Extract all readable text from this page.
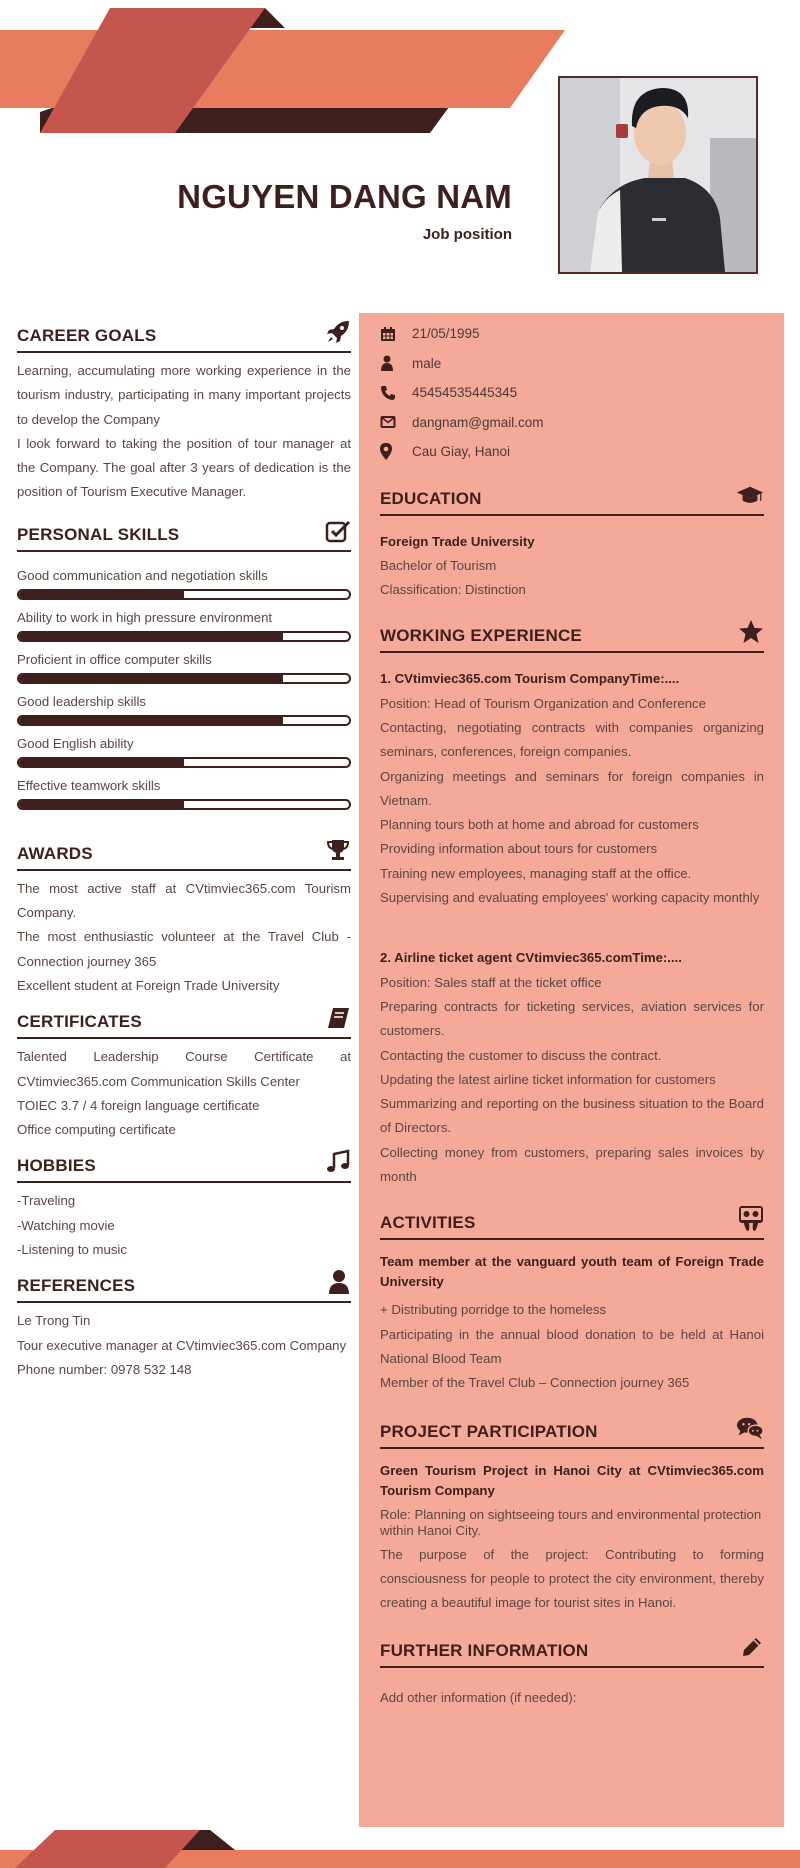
NGUYEN DANG NAM
Job position
CAREER GOALS

Learning, accumulating more working experience in the tourism industry, participating in many important projects to develop the Company

I look forward to taking the position of tour manager at the Company. The goal after 3 years of dedication is the position of Tourism Executive Manager.

PERSONAL SKILLS
Good communication and negotiation skills
Ability to work in high pressure environment
Proficient in office computer skills
Good leadership skills
Good English ability
Effective teamwork skills
AWARDS

The most active staff at CVtimviec365.com Tourism Company.

The most enthusiastic volunteer at the Travel Club - Connection journey 365

Excellent student at Foreign Trade University

CERTIFICATES

Talented Leadership Course Certificate at CVtimviec365.com Communication Skills Center

TOIEC 3.7 / 4 foreign language certificate

Office computing certificate

HOBBIES

-Traveling

-Watching movie

-Listening to music

REFERENCES

Le Trong Tin

Tour executive manager at CVtimviec365.com Company

Phone number: 0978 532 148

21/05/1995
male
45454535445345
dangnam@gmail.com
Cau Giay, Hanoi
EDUCATION

Foreign Trade University

Bachelor of Tourism

Classification: Distinction

WORKING EXPERIENCE

1. CVtimviec365.com Tourism CompanyTime:....

Position: Head of Tourism Organization and Conference

Contacting, negotiating contracts with companies organizing seminars, conferences, foreign companies.

Organizing meetings and seminars for foreign companies in Vietnam.

Planning tours both at home and abroad for customers

Providing information about tours for customers

Training new employees, managing staff at the office.

Supervising and evaluating employees' working capacity monthly

2. Airline ticket agent CVtimviec365.comTime:....

Position: Sales staff at the ticket office

Preparing contracts for ticketing services, aviation services for customers.

Contacting the customer to discuss the contract.

Updating the latest airline ticket information for customers

Summarizing and reporting on the business situation to the Board of Directors.

Collecting money from customers, preparing sales invoices by month

ACTIVITIES

Team member at the vanguard youth team of Foreign Trade University

+ Distributing porridge to the homeless

Participating in the annual blood donation to be held at Hanoi National Blood Team

Member of the Travel Club – Connection journey 365

PROJECT PARTICIPATION

Green Tourism Project in Hanoi City at CVtimviec365.com Tourism Company

Role: Planning on sightseeing tours and environmental protection within Hanoi City.

The purpose of the project: Contributing to forming consciousness for people to protect the city environment, thereby creating a beautiful image for tourist sites in Hanoi.

FURTHER INFORMATION

Add other information (if needed):
